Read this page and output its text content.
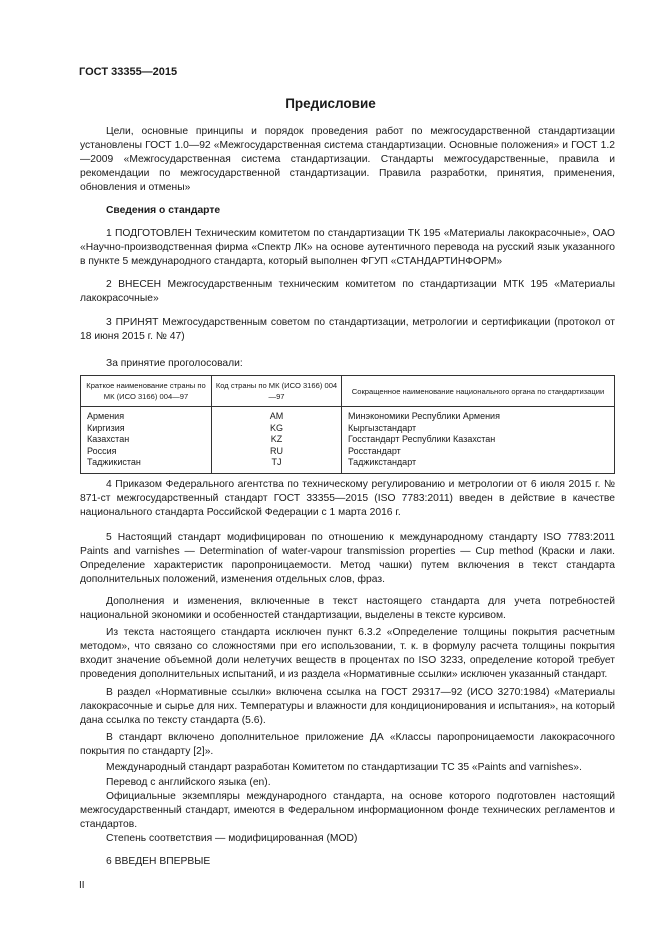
ГОСТ 33355—2015
Предисловие

Цели, основные принципы и порядок проведения работ по межгосударственной стандартизации установлены ГОСТ 1.0—92 «Межгосударственная система стандартизации. Основные положения» и ГОСТ 1.2—2009 «Межгосударственная система стандартизации. Стандарты межгосударственные, правила и рекомендации по межгосударственной стандартизации. Правила разработки, принятия, применения, обновления и отмены»

Сведения о стандарте

1 ПОДГОТОВЛЕН Техническим комитетом по стандартизации ТК 195 «Материалы лакокрасочные», ОАО «Научно-производственная фирма «Спектр ЛК» на основе аутентичного перевода на русский язык указанного в пункте 5 международного стандарта, который выполнен ФГУП «СТАНДАРТИНФОРМ»

2 ВНЕСЕН Межгосударственным техническим комитетом по стандартизации МТК 195 «Материалы лакокрасочные»

3 ПРИНЯТ Межгосударственным советом по стандартизации, метрологии и сертификации (протокол от 18 июня 2015 г. № 47)

За принятие проголосовали:
Краткое наименование страны по МК (ИСО 3166) 004—97	Код страны по МК (ИСО 3166) 004—97	Сокращенное наименование национального органа по стандартизации
Армения	AM	Минэкономики Республики Армения
Киргизия	KG	Кыргызстандарт
Казахстан	KZ	Госстандарт Республики Казахстан
Россия	RU	Росстандарт
Таджикистан	TJ	Таджикстандарт

4 Приказом Федерального агентства по техническому регулированию и метрологии от 6 июля 2015 г. № 871-ст межгосударственный стандарт ГОСТ 33355—2015 (ISO 7783:2011) введен в действие в качестве национального стандарта Российской Федерации с 1 марта 2016 г.

5 Настоящий стандарт модифицирован по отношению к международному стандарту ISO 7783:2011 Paints and varnishes — Determination of water-vapour transmission properties — Cup method (Краски и лаки. Определение характеристик паропроницаемости. Метод чашки) путем включения в текст стандарта дополнительных положений, изменения отдельных слов, фраз.

Дополнения и изменения, включенные в текст настоящего стандарта для учета потребностей национальной экономики и особенностей стандартизации, выделены в тексте курсивом.

Из текста настоящего стандарта исключен пункт 6.3.2 «Определение толщины покрытия расчетным методом», что связано со сложностями при его использовании, т. к. в формулу расчета толщины покрытия входит значение объемной доли нелетучих веществ в процентах по ISO 3233, определение которой требует проведения дополнительных испытаний, и из раздела «Нормативные ссылки» исключен указанный стандарт.

В раздел «Нормативные ссылки» включена ссылка на ГОСТ 29317—92 (ИСО 3270:1984) «Материалы лакокрасочные и сырье для них. Температуры и влажности для кондиционирования и испытания», на который дана ссылка по тексту стандарта (5.6).

В стандарт включено дополнительное приложение ДА «Классы паропроницаемости лакокрасочного покрытия по стандарту [2]».

Международный стандарт разработан Комитетом по стандартизации ТС 35 «Paints and varnishes».

Перевод с английского языка (en).

Официальные экземпляры международного стандарта, на основе которого подготовлен настоящий межгосударственный стандарт, имеются в Федеральном информационном фонде технических регламентов и стандартов.

Степень соответствия — модифицированная (MOD)

6 ВВЕДЕН ВПЕРВЫЕ

II
